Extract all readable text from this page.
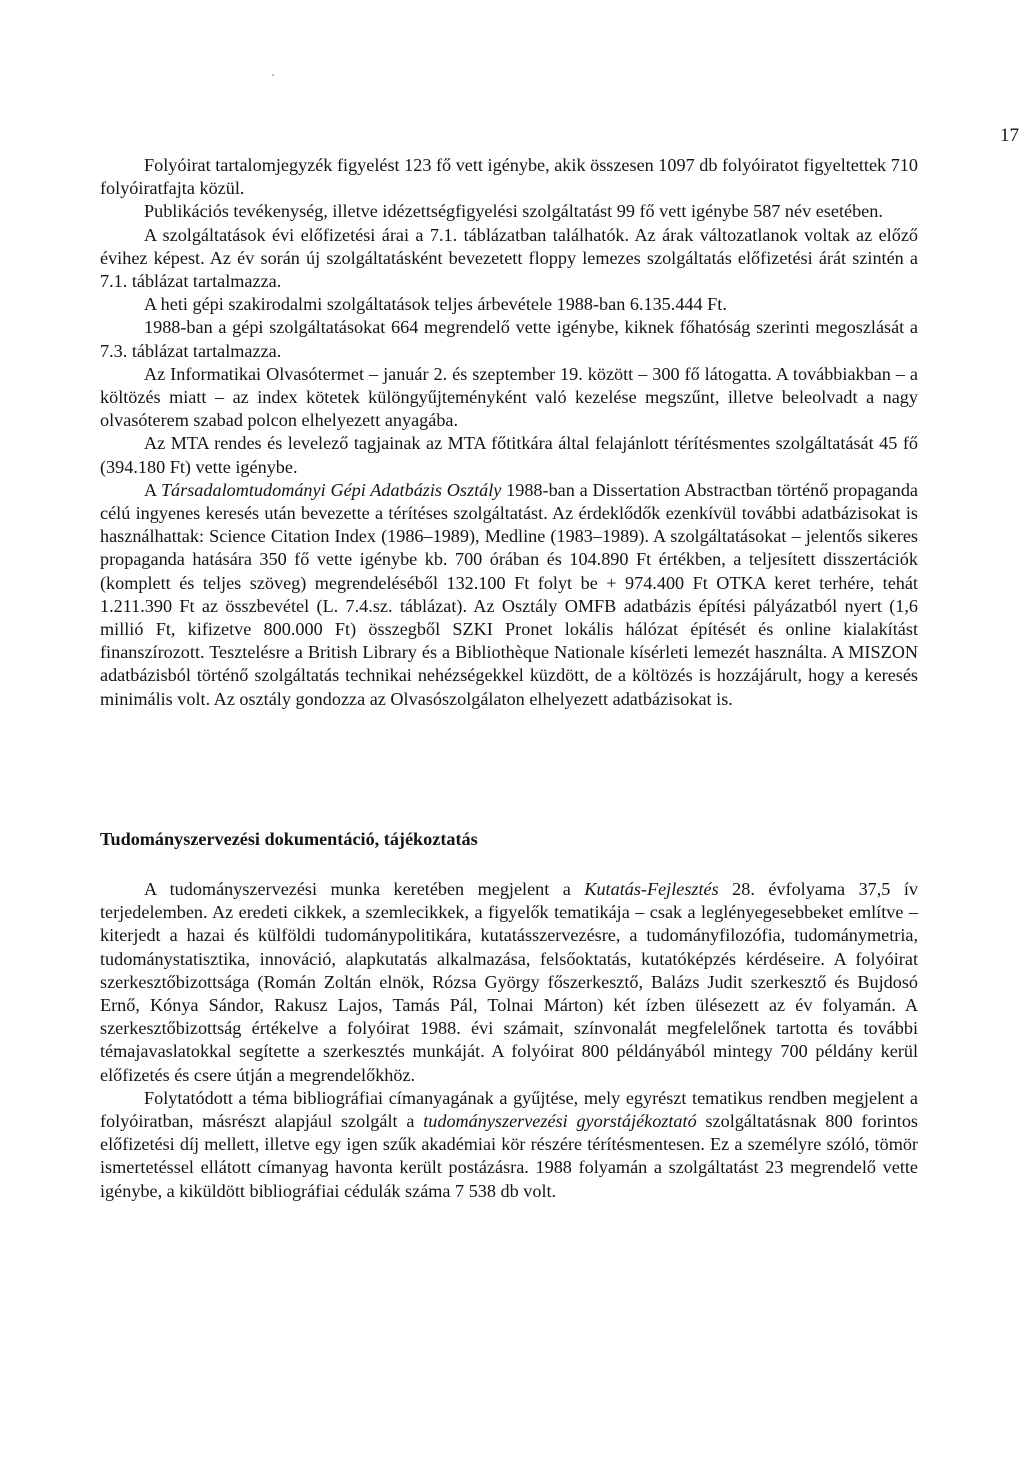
17

Folyóirat tartalomjegyzék figyelést 123 fő vett igénybe, akik összesen 1097 db folyóiratot figyeltettek 710 folyóiratfajta közül.

Publikációs tevékenység, illetve idézettségfigyelési szolgáltatást 99 fő vett igénybe 587 név esetében.

A szolgáltatások évi előfizetési árai a 7.1. táblázatban találhatók. Az árak változatlanok voltak az előző évihez képest. Az év során új szolgáltatásként bevezetett floppy lemezes szolgáltatás előfizetési árát szintén a 7.1. táblázat tartalmazza.

A heti gépi szakirodalmi szolgáltatások teljes árbevétele 1988-ban 6.135.444 Ft.

1988-ban a gépi szolgáltatásokat 664 megrendelő vette igénybe, kiknek főhatóság szerinti megoszlását a 7.3. táblázat tartalmazza.

Az Informatikai Olvasótermet – január 2. és szeptember 19. között – 300 fő látogatta. A továbbiakban – a költözés miatt – az index kötetek különgyűjteményként való kezelése megszűnt, illetve beleolvadt a nagy olvasóterem szabad polcon elhelyezett anyagába.

Az MTA rendes és levelező tagjainak az MTA főtitkára által felajánlott térítésmentes szolgáltatását 45 fő (394.180 Ft) vette igénybe.

A Társadalomtudományi Gépi Adatbázis Osztály 1988-ban a Dissertation Abstractban történő propaganda célú ingyenes keresés után bevezette a térítéses szolgáltatást. Az érdeklődők ezenkívül további adatbázisokat is használhattak: Science Citation Index (1986–1989), Medline (1983–1989). A szolgáltatásokat – jelentős sikeres propaganda hatására 350 fő vette igénybe kb. 700 órában és 104.890 Ft értékben, a teljesített disszertációk (komplett és teljes szöveg) megrendeléséből 132.100 Ft folyt be + 974.400 Ft OTKA keret terhére, tehát 1.211.390 Ft az összbevétel (L. 7.4.sz. táblázat). Az Osztály OMFB adatbázis építési pályázatból nyert (1,6 millió Ft, kifizetve 800.000 Ft) összegből SZKI Pronet lokális hálózat építését és online kialakítást finanszírozott. Tesztelésre a British Library és a Bibliothèque Nationale kísérleti lemezét használta. A MISZON adatbázisból történő szolgáltatás technikai nehézségekkel küzdött, de a költözés is hozzájárult, hogy a keresés minimális volt. Az osztály gondozza az Olvasószolgálaton elhelyezett adatbázisokat is.

Tudományszervezési dokumentáció, tájékoztatás

A tudományszervezési munka keretében megjelent a Kutatás-Fejlesztés 28. évfolyama 37,5 ív terjedelemben. Az eredeti cikkek, a szemlecikkek, a figyelők tematikája – csak a leglényegesebbeket említve – kiterjedt a hazai és külföldi tudománypolitikára, kutatásszervezésre, a tudományfilozófia, tudománymetria, tudománystatisztika, innováció, alapkutatás alkalmazása, felsőoktatás, kutatóképzés kérdéseire. A folyóirat szerkesztőbizottsága (Román Zoltán elnök, Rózsa György főszerkesztő, Balázs Judit szerkesztő és Bujdosó Ernő, Kónya Sándor, Rakusz Lajos, Tamás Pál, Tolnai Márton) két ízben ülésezett az év folyamán. A szerkesztőbizottság értékelve a folyóirat 1988. évi számait, színvonalát megfelelőnek tartotta és további témajavaslatokkal segítette a szerkesztés munkáját. A folyóirat 800 példányából mintegy 700 példány kerül előfizetés és csere útján a megrendelőkhöz.

Folytatódott a téma bibliográfiai címanyagának a gyűjtése, mely egyrészt tematikus rendben megjelent a folyóiratban, másrészt alapjául szolgált a tudományszervezési gyorstájékoztató szolgáltatásnak 800 forintos előfizetési díj mellett, illetve egy igen szűk akadémiai kör részére térítésmentesen. Ez a személyre szóló, tömör ismertetéssel ellátott címanyag havonta került postázásra. 1988 folyamán a szolgáltatást 23 megrendelő vette igénybe, a kiküldött bibliográfiai cédulák száma 7 538 db volt.
